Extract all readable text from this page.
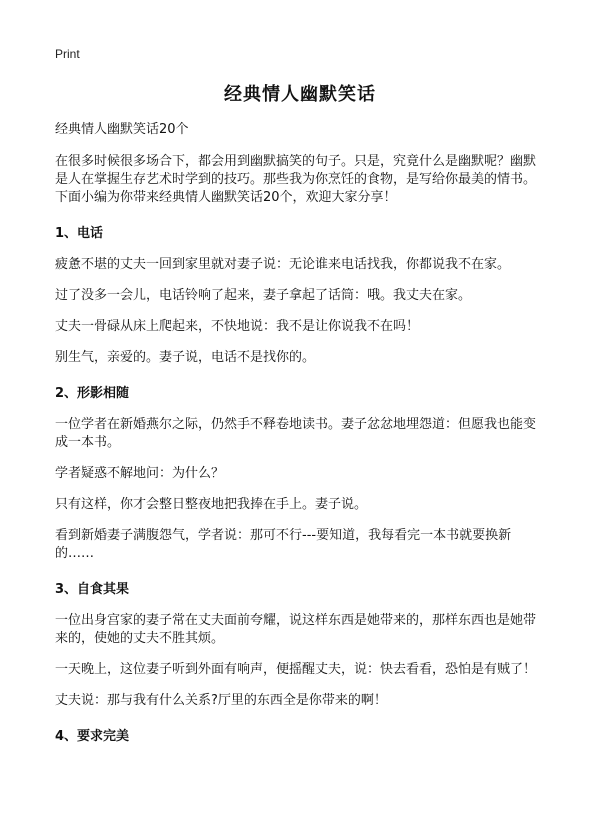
Print
经典情人幽默笑话
经典情人幽默笑话20个
在很多时候很多场合下，都会用到幽默搞笑的句子。只是，究竟什么是幽默呢？幽默是人在掌握生存艺术时学到的技巧。那些我为你烹饪的食物，是写给你最美的情书。下面小编为你带来经典情人幽默笑话20个，欢迎大家分享！
1、电话
疲惫不堪的丈夫一回到家里就对妻子说：无论谁来电话找我，你都说我不在家。
过了没多一会儿，电话铃响了起来，妻子拿起了话筒：哦。我丈夫在家。
丈夫一骨碌从床上爬起来，不快地说：我不是让你说我不在吗！
别生气，亲爱的。妻子说，电话不是找你的。
2、形影相随
一位学者在新婚燕尔之际，仍然手不释卷地读书。妻子忿忿地埋怨道：但愿我也能变成一本书。
学者疑惑不解地问：为什么？
只有这样，你才会整日整夜地把我捧在手上。妻子说。
看到新婚妻子满腹怨气，学者说：那可不行---要知道，我每看完一本书就要换新的……
3、自食其果
一位出身宫家的妻子常在丈夫面前夸耀，说这样东西是她带来的，那样东西也是她带来的，使她的丈夫不胜其烦。
一天晚上，这位妻子听到外面有响声，便摇醒丈夫，说：快去看看，恐怕是有贼了！
丈夫说：那与我有什么关系?厅里的东西全是你带来的啊！
4、要求完美
